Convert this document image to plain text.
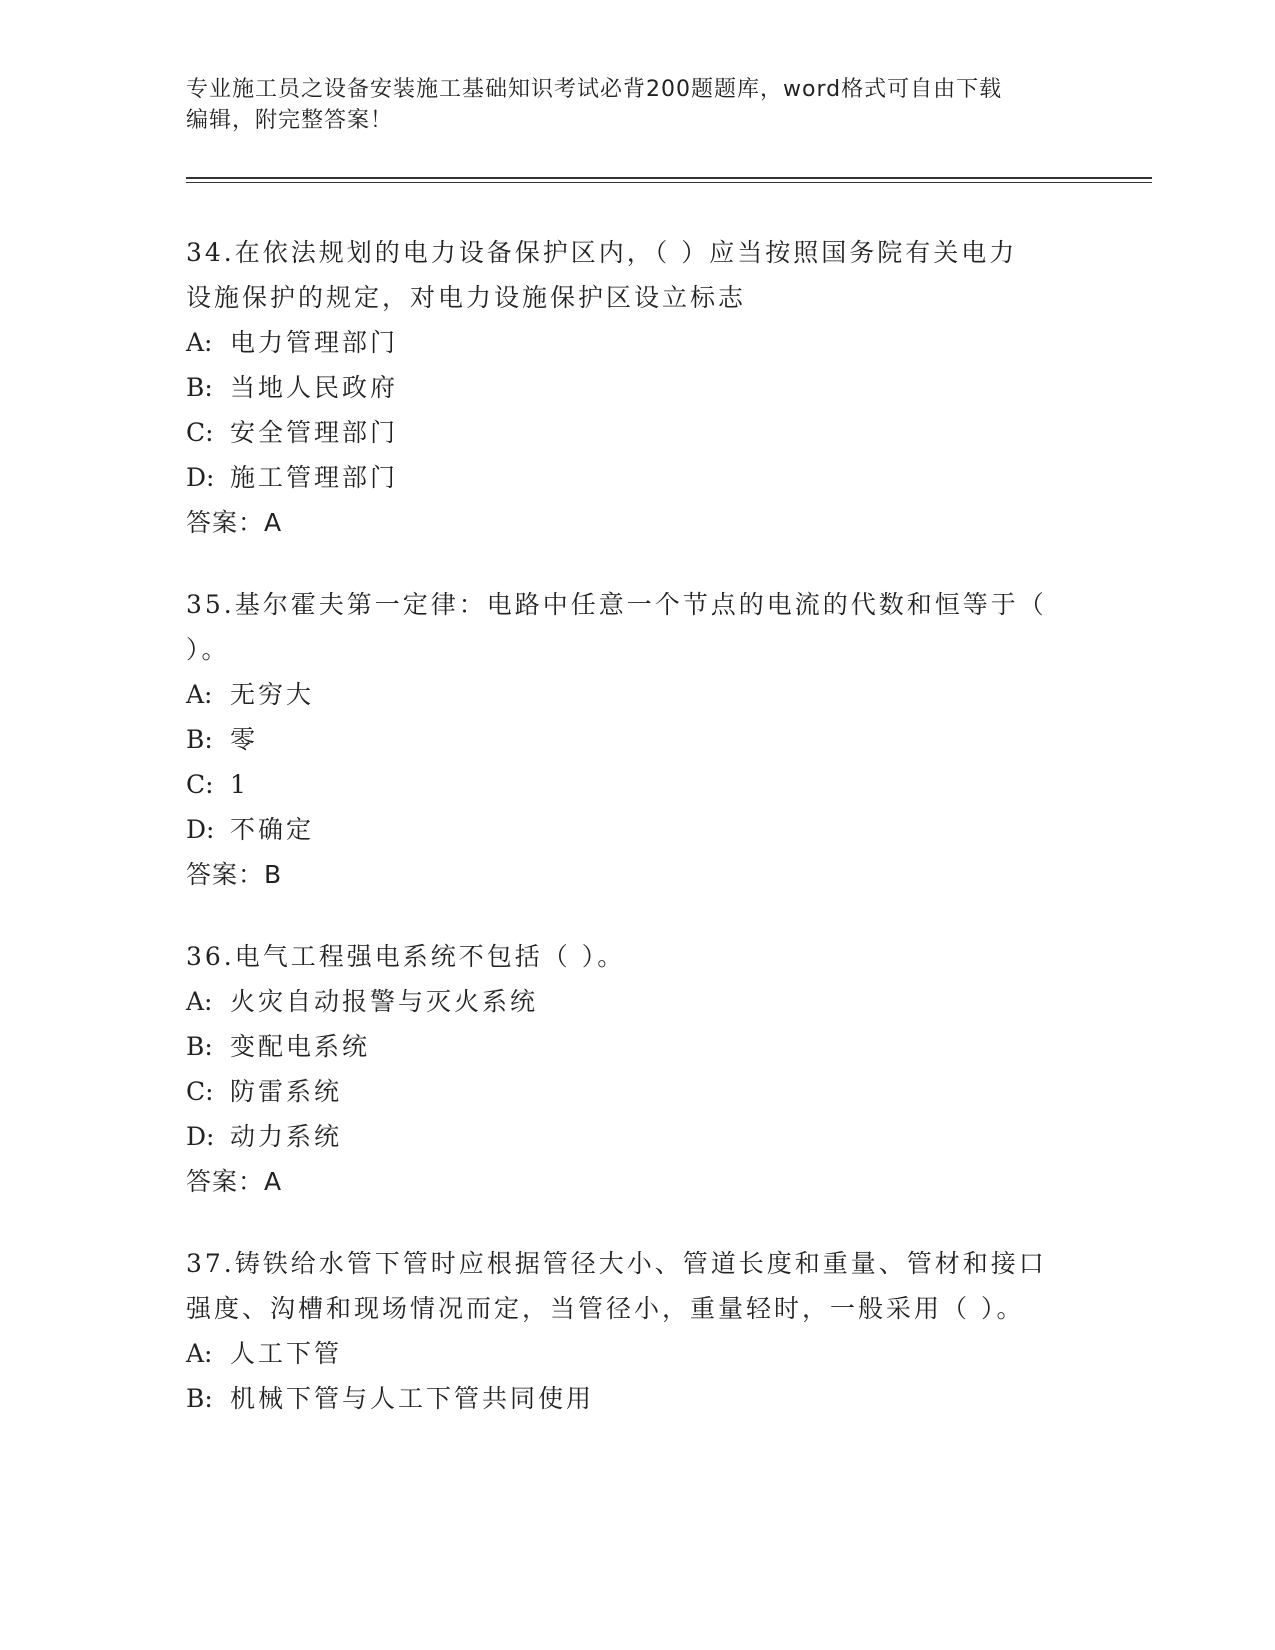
专业施工员之设备安装施工基础知识考试必背200题题库，word格式可自由下载
编辑，附完整答案！
34.在依法规划的电力设备保护区内，（ ）应当按照国务院有关电力
设施保护的规定，对电力设施保护区设立标志
A: 电力管理部门
B: 当地人民政府
C: 安全管理部门
D: 施工管理部门
答案：A
35.基尔霍夫第一定律：电路中任意一个节点的电流的代数和恒等于（
）。
A: 无穷大
B: 零
C: 1
D: 不确定
答案：B
36.电气工程强电系统不包括（ ）。
A: 火灾自动报警与灭火系统
B: 变配电系统
C: 防雷系统
D: 动力系统
答案：A
37.铸铁给水管下管时应根据管径大小、管道长度和重量、管材和接口
强度、沟槽和现场情况而定，当管径小，重量轻时，一般采用（ ）。
A: 人工下管
B: 机械下管与人工下管共同使用
